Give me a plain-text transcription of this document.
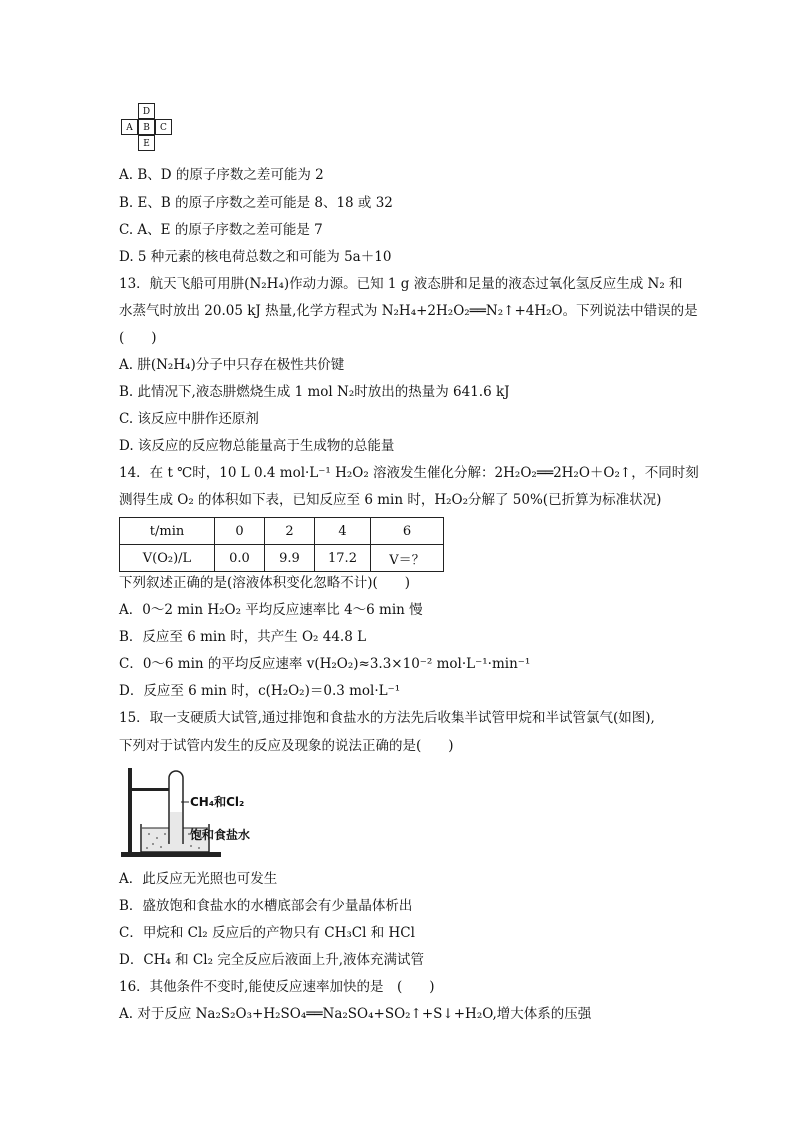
D
A	B	C
E
A. B、D 的原子序数之差可能为 2
B. E、B 的原子序数之差可能是 8、18 或 32
C. A、E 的原子序数之差可能是 7
D. 5 种元素的核电荷总数之和可能为 5a＋10
13．航天飞船可用肼(N₂H₄)作动力源。已知 1 g 液态肼和足量的液态过氧化氢反应生成 N₂ 和
水蒸气时放出 20.05 kJ 热量,化学方程式为 N₂H₄+2H₂O₂══N₂↑+4H₂O。下列说法中错误的是
(　　)
A. 肼(N₂H₄)分子中只存在极性共价键
B. 此情况下,液态肼燃烧生成 1 mol N₂时放出的热量为 641.6 kJ
C. 该反应中肼作还原剂
D. 该反应的反应物总能量高于生成物的总能量
14．在 t ℃时，10 L 0.4 mol·L⁻¹ H₂O₂ 溶液发生催化分解：2H₂O₂══2H₂O＋O₂↑，不同时刻
测得生成 O₂ 的体积如下表，已知反应至 6 min 时，H₂O₂分解了 50%(已折算为标准状况)
t/min	0	2	4	6
V(O₂)/L	0.0	9.9	17.2	V＝？
下列叙述正确的是(溶液体积变化忽略不计)(　　)
A．0～2 min H₂O₂ 平均反应速率比 4～6 min 慢
B．反应至 6 min 时，共产生 O₂ 44.8 L
C．0～6 min 的平均反应速率 v(H₂O₂)≈3.3×10⁻² mol·L⁻¹·min⁻¹
D．反应至 6 min 时，c(H₂O₂)＝0.3 mol·L⁻¹
15．取一支硬质大试管,通过排饱和食盐水的方法先后收集半试管甲烷和半试管氯气(如图),
下列对于试管内发生的反应及现象的说法正确的是(　　)
CH₄和Cl₂
饱和食盐水
A．此反应无光照也可发生
B．盛放饱和食盐水的水槽底部会有少量晶体析出
C．甲烷和 Cl₂ 反应后的产物只有 CH₃Cl 和 HCl
D．CH₄ 和 Cl₂ 完全反应后液面上升,液体充满试管
16．其他条件不变时,能使反应速率加快的是　(　　)
A. 对于反应 Na₂S₂O₃+H₂SO₄══Na₂SO₄+SO₂↑+S↓+H₂O,增大体系的压强
